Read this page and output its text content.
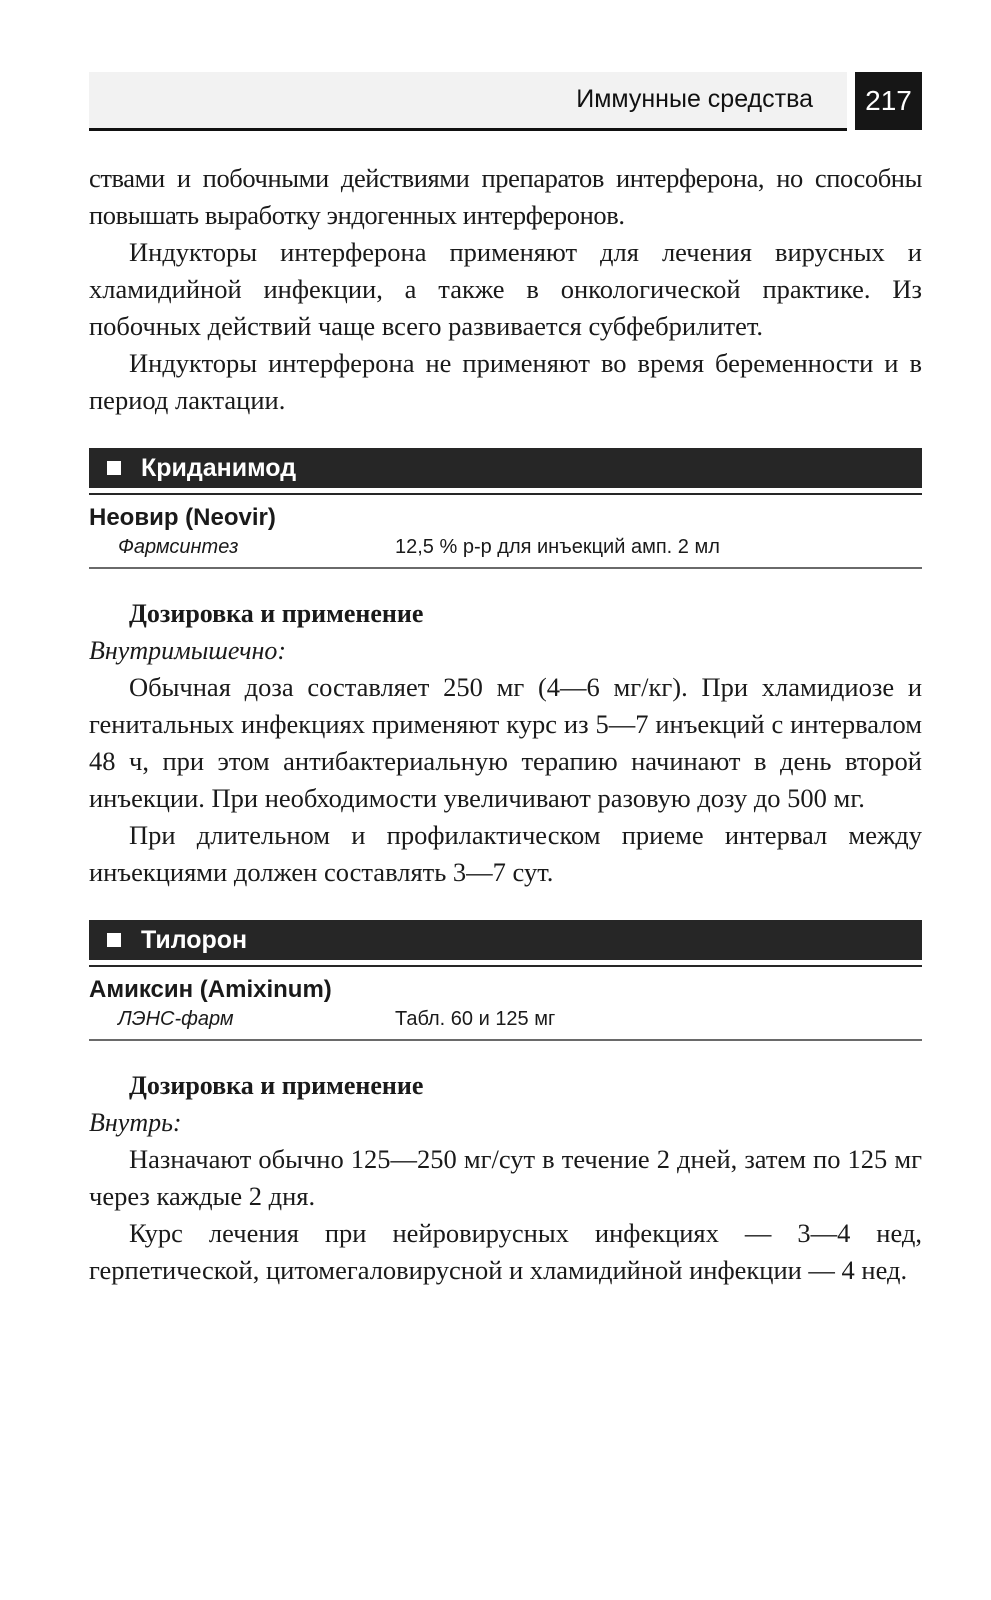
Иммунные средства	217

ствами и побочными действиями препаратов интерферона, но способны повышать выработку эндогенных интерферонов.

Индукторы интерферона применяют для лечения вирусных и хламидийной инфекции, а также в онкологической практике. Из побочных действий чаще всего развивается субфебрилитет.

Индукторы интерферона не применяют во время беременности и в период лактации.

Криданимод
Неовир (Neovir)
Фармсинтез	12,5 % р-р для инъекций амп. 2 мл
Дозировка и применение
Внутримышечно:

Обычная доза составляет 250 мг (4—6 мг/кг). При хламидиозе и генитальных инфекциях применяют курс из 5—7 инъекций с интервалом 48 ч, при этом антибактериальную терапию начинают в день второй инъекции. При необходимости увеличивают разовую дозу до 500 мг.

При длительном и профилактическом приеме интервал между инъекциями должен составлять 3—7 сут.

Тилорон
Амиксин (Amixinum)
ЛЭНС-фарм	Табл. 60 и 125 мг
Дозировка и применение
Внутрь:

Назначают обычно 125—250 мг/сут в течение 2 дней, затем по 125 мг через каждые 2 дня.

Курс лечения при нейровирусных инфекциях — 3—4 нед, герпетической, цитомегаловирусной и хламидийной инфекции — 4 нед.
